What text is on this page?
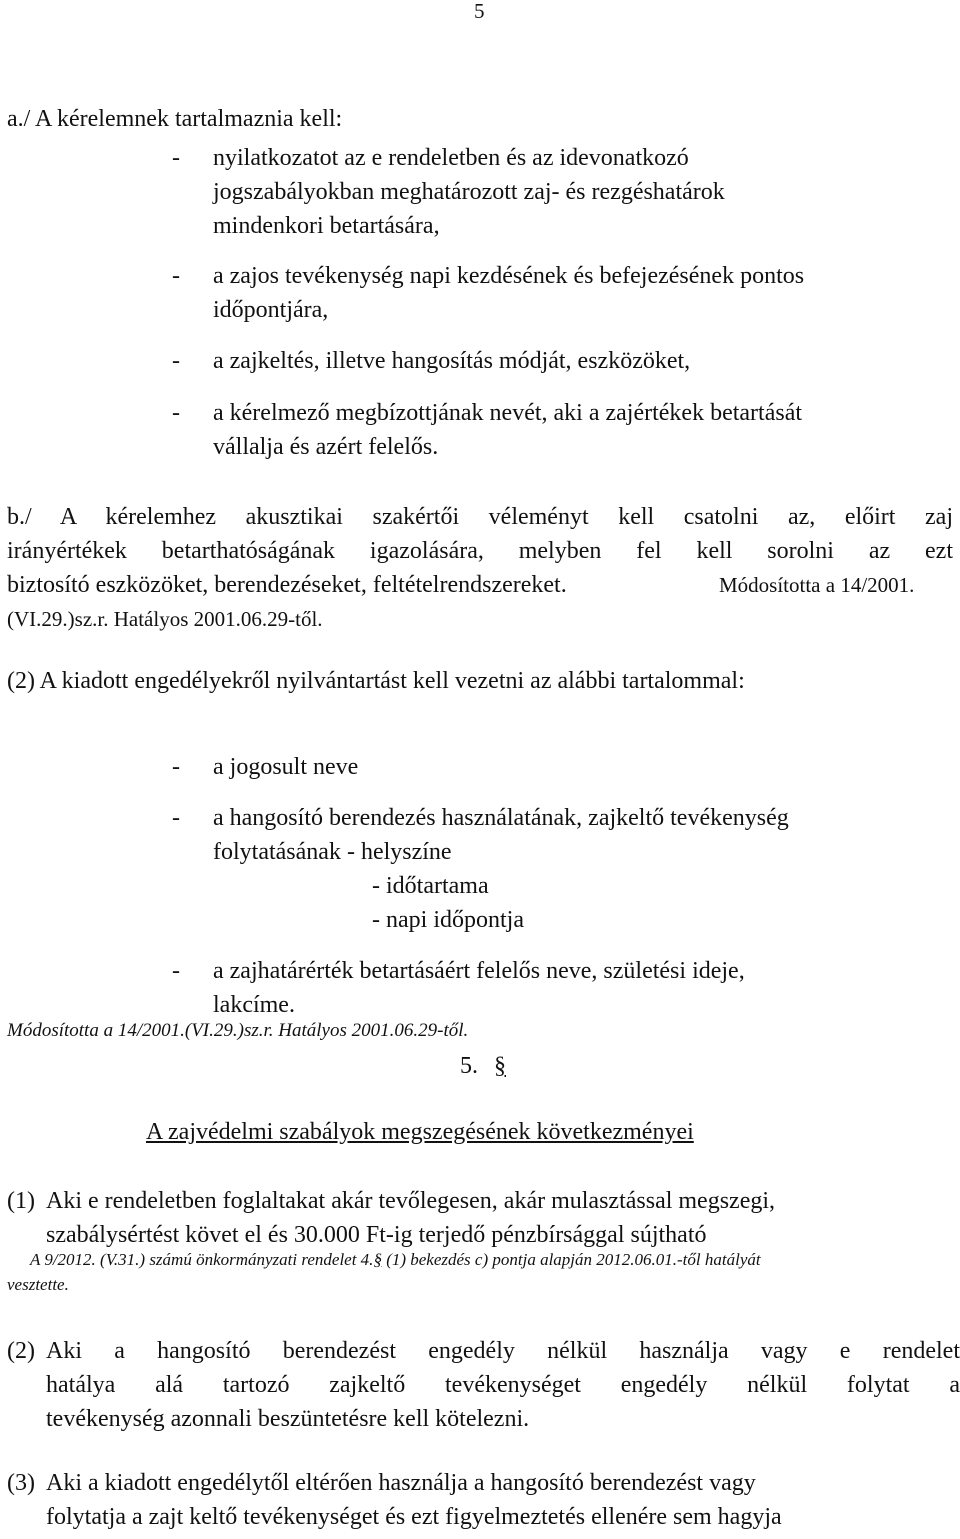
5
a./ A kérelemnek tartalmaznia kell:
- nyilatkozatot az e rendeletben és az idevonatkozó
jogszabályokban meghatározott zaj- és rezgéshatárok
mindenkori betartására,
- a zajos tevékenység napi kezdésének és befejezésének pontos
időpontjára,
- a zajkeltés, illetve hangosítás módját, eszközöket,
- a kérelmező megbízottjának nevét, aki a zajértékek betartását
vállalja és azért felelős.
b./ A kérelemhez akusztikai szakértői véleményt kell csatolni az, előirt zaj
irányértékek betarthatóságának igazolására, melyben fel kell sorolni az ezt
biztosító eszközöket, berendezéseket, feltételrendszereket.	Módosította a 14/2001.
(VI.29.)sz.r. Hatályos 2001.06.29-től.
(2) A kiadott engedélyekről nyilvántartást kell vezetni az alábbi tartalommal:
- a jogosult neve
- a hangosító berendezés használatának, zajkeltő tevékenység
folytatásának - helyszíne
- időtartama
- napi időpontja
- a zajhatárérték betartásáért felelős neve, születési ideje,
lakcíme.
Módosította a 14/2001.(VI.29.)sz.r. Hatályos 2001.06.29-től.
5. §
A zajvédelmi szabályok megszegésének következményei
(1) Aki e rendeletben foglaltakat akár tevőlegesen, akár mulasztással megszegi,
szabálysértést követ el és 30.000 Ft-ig terjedő pénzbírsággal sújtható
A 9/2012. (V.31.) számú önkormányzati rendelet 4.§ (1) bekezdés c) pontja alapján 2012.06.01.-től hatályát
vesztette.
(2) Aki a hangosító berendezést engedély nélkül használja vagy e rendelet
hatálya alá tartozó zajkeltő tevékenységet engedély nélkül folytat a
tevékenység azonnali beszüntetésre kell kötelezni.
(3) Aki a kiadott engedélytől eltérően használja a hangosító berendezést vagy
folytatja a zajt keltő tevékenységet és ezt figyelmeztetés ellenére sem hagyja
